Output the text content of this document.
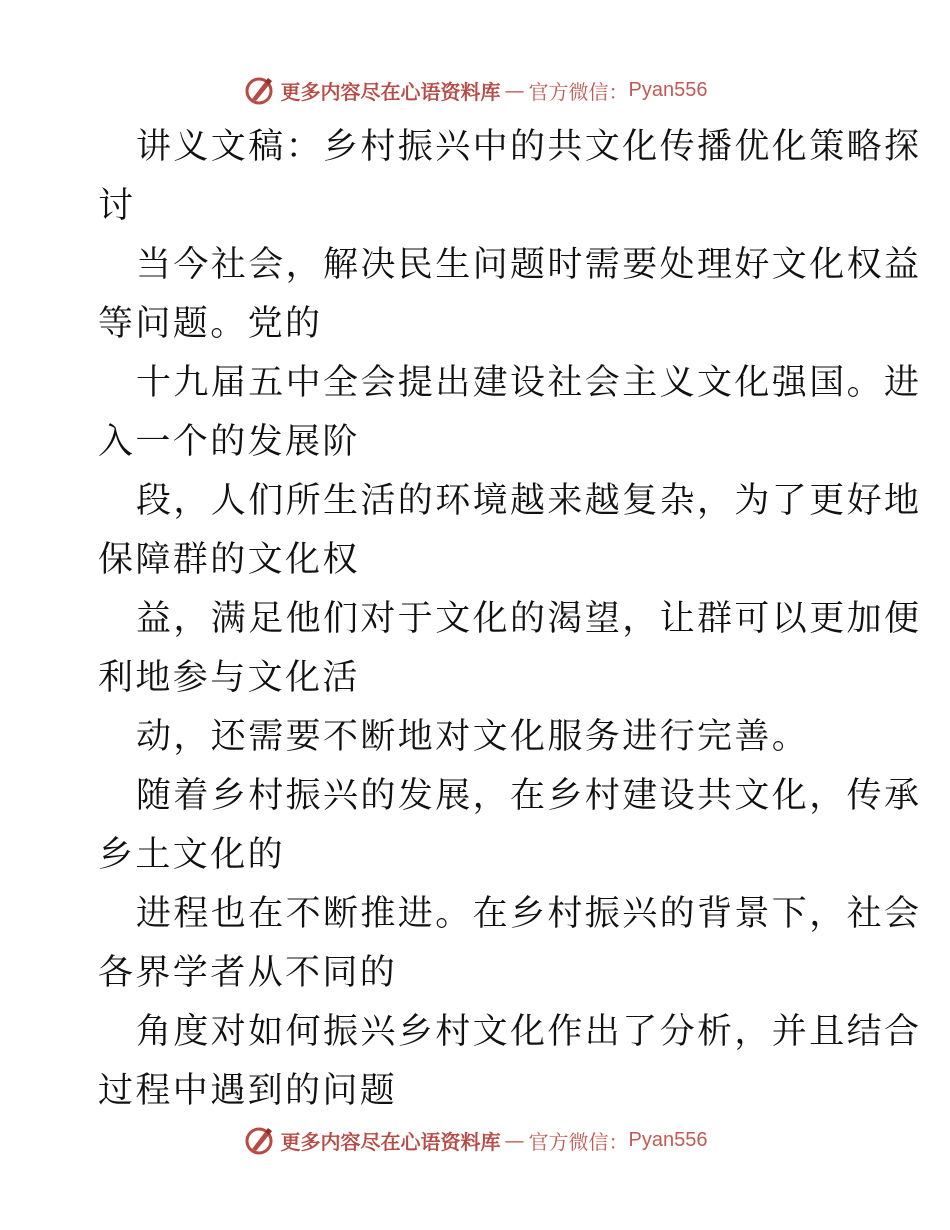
更多内容尽在心语资料库 — 官方微信： Pyan556

讲义文稿：乡村振兴中的共文化传播优化策略探
讨

当今社会，解决民生问题时需要处理好文化权益
等问题。党的

十九届五中全会提出建设社会主义文化强国。进
入一个的发展阶

段，人们所生活的环境越来越复杂，为了更好地
保障群的文化权

益，满足他们对于文化的渴望，让群可以更加便
利地参与文化活

动，还需要不断地对文化服务进行完善。

随着乡村振兴的发展，在乡村建设共文化，传承
乡土文化的

进程也在不断推进。在乡村振兴的背景下，社会
各界学者从不同的

角度对如何振兴乡村文化作出了分析，并且结合
过程中遇到的问题

更多内容尽在心语资料库 — 官方微信： Pyan556
